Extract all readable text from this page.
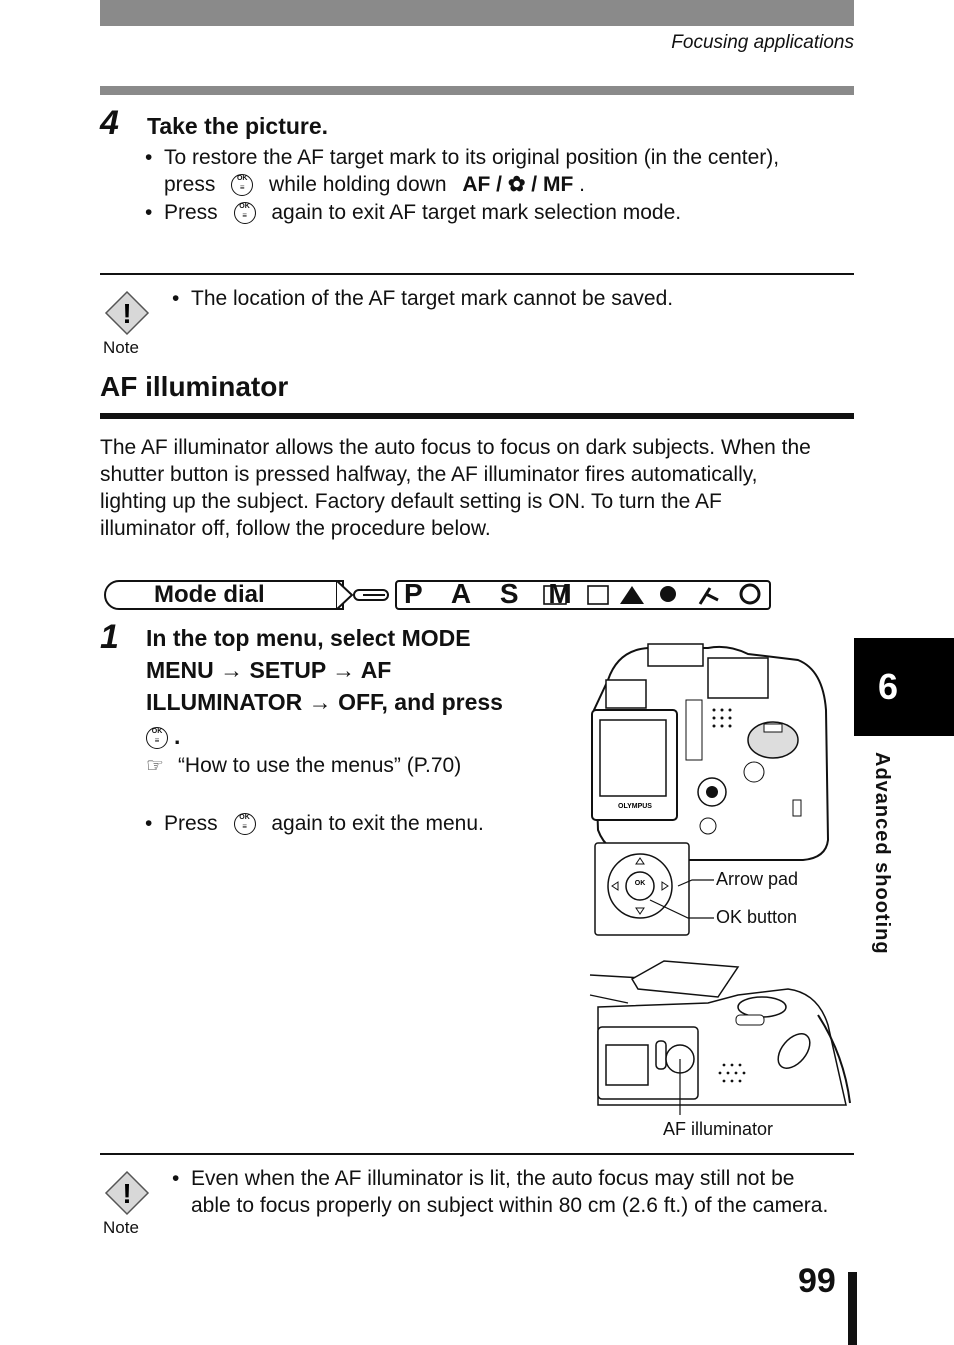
Focusing applications
4 Take the picture.
• To restore the AF target mark to its original position (in the center),
press	OK
≡ while holding down AF / ✿ / MF .
• Press	OK
≡ again to exit AF target mark selection mode.
!
Note
• The location of the AF target mark cannot be saved.
AF illuminator
The AF illuminator allows the auto focus to focus on dark subjects. When the
shutter button is pressed halfway, the AF illuminator fires automatically,
lighting up the subject. Factory default setting is ON. To turn the AF
illuminator off, follow the procedure below.
Mode dial	P A S M
1 In the top menu, select MODE
MENU → SETUP → AF
ILLUMINATOR → OFF, and press
OK
≡ .
☞ “How to use the menus” (P.70)
• Press	OK
≡ again to exit the menu.
OLYMPUS
OK	Arrow pad
OK button
AF illuminator
!
Note
• Even when the AF illuminator is lit, the auto focus may still not be
able to focus properly on subject within 80 cm (2.6 ft.) of the camera.
6
Advanced shooting
99
